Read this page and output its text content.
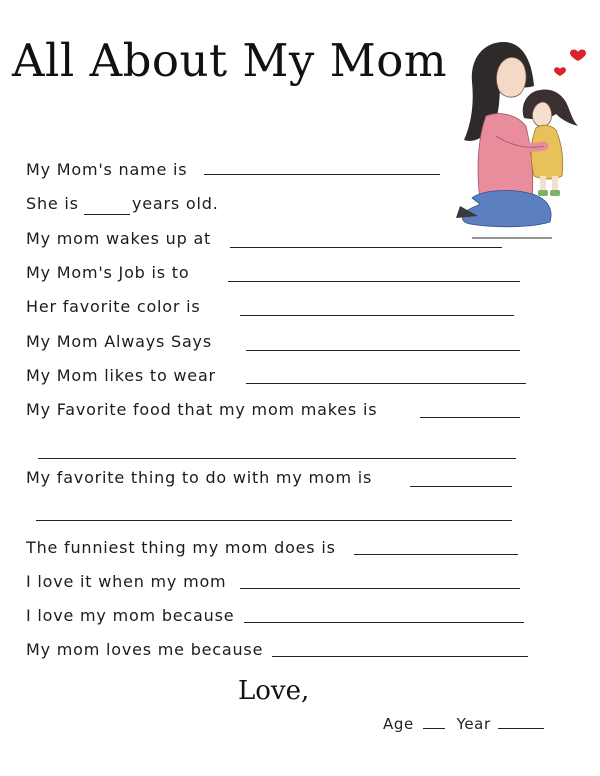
All About My Mom
My Mom's name is
She is	years old.
My mom wakes up at
My Mom's Job is to
Her favorite color is
My Mom Always Says
My Mom likes to wear
My Favorite food that my mom makes is
My favorite thing to do with my mom is
The funniest thing my mom does is
I love it when my mom
I love my mom because
My mom loves me because
Love,
Age	Year
